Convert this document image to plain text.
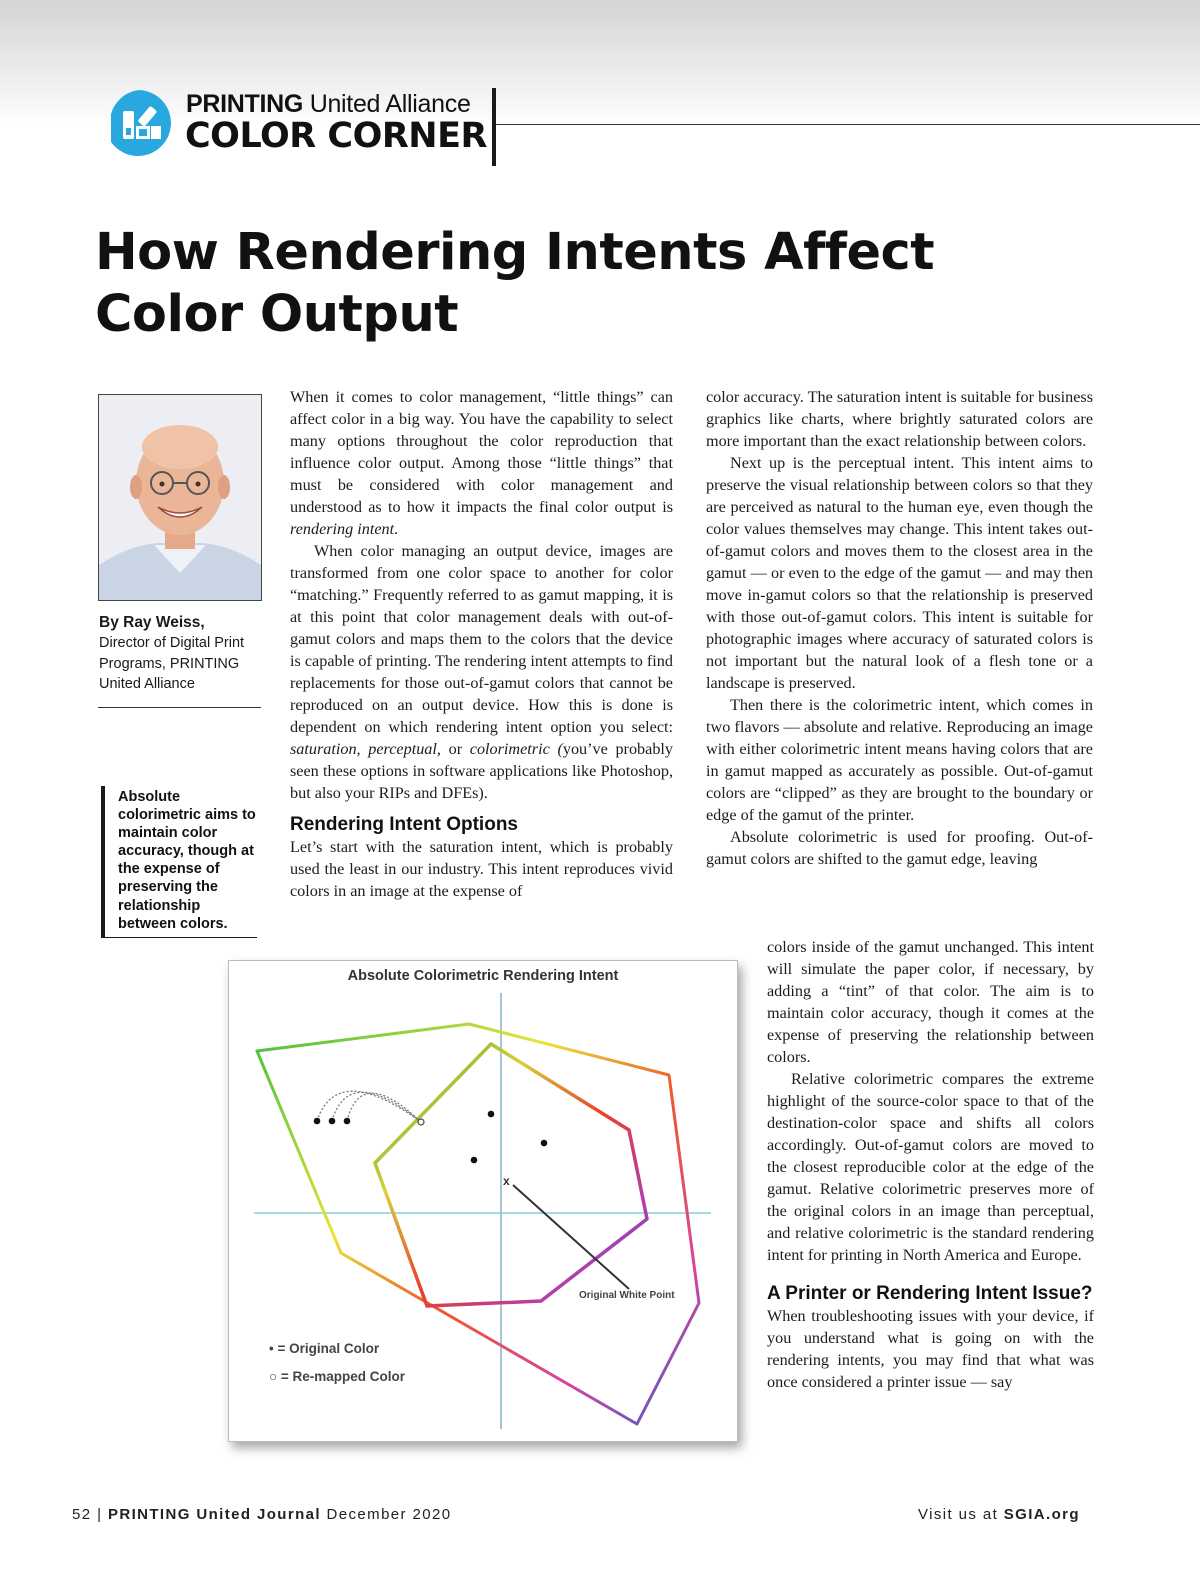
PRINTING United Alliance
COLOR CORNER
How Rendering Intents Affect
Color Output
By Ray Weiss,
Director of Digital Print Programs, PRINTING United Alliance
Absolute colorimetric aims to maintain color accuracy, though at the expense of preserving the relationship between colors.

When it comes to color management, “little things” can affect color in a big way. You have the capability to select many options throughout the color reproduction that influence color output. Among those “little things” that must be considered with color management and understood as to how it impacts the final color output is rendering intent.

When color managing an output device, images are transformed from one color space to another for color “matching.” Frequently referred to as gamut mapping, it is at this point that color management deals with out-of-gamut colors and maps them to the colors that the device is capable of printing. The rendering intent attempts to find replacements for those out-of-gamut colors that cannot be reproduced on an output device. How this is done is dependent on which rendering intent option you select: saturation, perceptual, or colorimetric (you’ve probably seen these options in software applications like Photoshop, but also your RIPs and DFEs).

Rendering Intent Options

Let’s start with the saturation intent, which is probably used the least in our industry. This intent reproduces vivid colors in an image at the expense of

color accuracy. The saturation intent is suitable for business graphics like charts, where brightly saturated colors are more important than the exact relationship between colors.

Next up is the perceptual intent. This intent aims to preserve the visual relationship between colors so that they are perceived as natural to the human eye, even though the color values themselves may change. This intent takes out-of-gamut colors and moves them to the closest area in the gamut — or even to the edge of the gamut — and may then move in-gamut colors so that the relationship is preserved with those out-of-gamut colors. This intent is suitable for photographic images where accuracy of saturated colors is not important but the natural look of a flesh tone or a landscape is preserved.

Then there is the colorimetric intent, which comes in two flavors — absolute and relative. Reproducing an image with either colorimetric intent means having colors that are in gamut mapped as accurately as possible. Out-of-gamut colors are “clipped” as they are brought to the boundary or edge of the gamut of the printer.

Absolute colorimetric is used for proofing. Out-of-gamut colors are shifted to the gamut edge, leaving

colors inside of the gamut unchanged. This intent will simulate the paper color, if necessary, by adding a “tint” of that color. The aim is to maintain color accuracy, though it comes at the expense of preserving the relationship between colors.

Relative colorimetric compares the extreme highlight of the source-color space to that of the destination-color space and shifts all colors accordingly. Out-of-gamut colors are moved to the closest reproducible color at the edge of the gamut. Relative colorimetric preserves more of the original colors in an image than perceptual, and relative colorimetric is the standard rendering intent for printing in North America and Europe.

A Printer or Rendering Intent Issue?

When troubleshooting issues with your device, if you understand what is going on with the rendering intents, you may find that what was once considered a printer issue — say

Absolute Colorimetric Rendering Intent
x
Original White Point
• = Original Color
○ = Re-mapped Color
52 | PRINTING United Journal December 2020	Visit us at SGIA.org
